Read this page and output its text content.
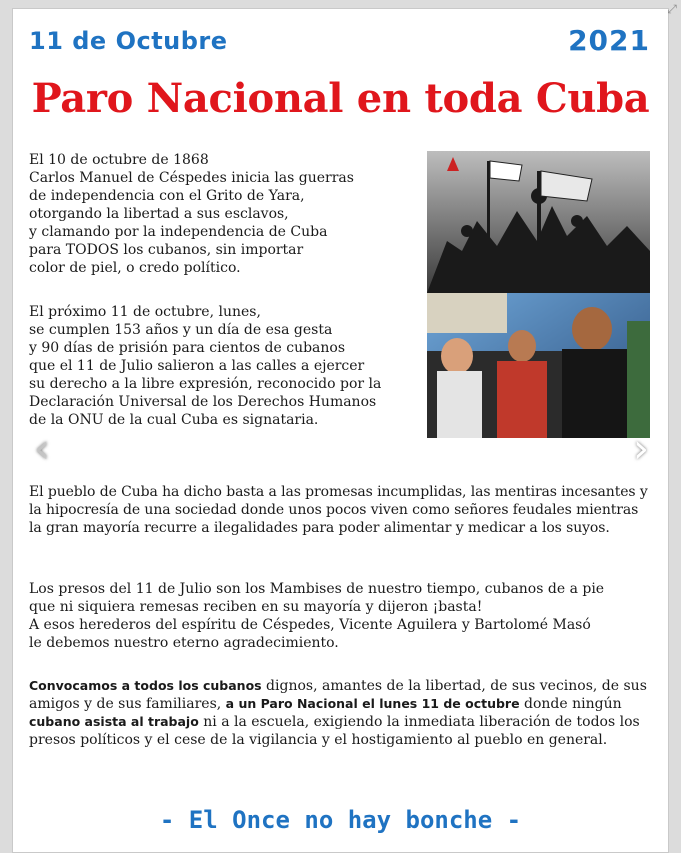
11 de Octubre	2021
Paro Nacional en toda Cuba

El 10 de octubre de 1868
Carlos Manuel de Céspedes inicia las guerras
de independencia con el Grito de Yara,
otorgando la libertad a sus esclavos,
y clamando por la independencia de Cuba
para TODOS los cubanos, sin importar
color de piel, o credo político.

El próximo 11 de octubre, lunes,
se cumplen 153 años y un día de esa gesta
y 90 días de prisión para cientos de cubanos
que el 11 de Julio salieron a las calles a ejercer
su derecho a la libre expresión, reconocido por la
Declaración Universal de los Derechos Humanos
de la ONU de la cual Cuba es signataria.

‹	›

El pueblo de Cuba ha dicho basta a las promesas incumplidas, las mentiras incesantes y la hipocresía de una sociedad donde unos pocos viven como señores feudales mientras la gran mayoría recurre a ilegalidades para poder alimentar y medicar a los suyos.

Los presos del 11 de Julio son los Mambises de nuestro tiempo, cubanos de a pie
que ni siquiera remesas reciben en su mayoría y dijeron ¡basta!
A esos herederos del espíritu de Céspedes, Vicente Aguilera y Bartolomé Masó
le debemos nuestro eterno agradecimiento.

Convocamos a todos los cubanos dignos, amantes de la libertad, de sus vecinos, de sus amigos y de sus familiares, a un Paro Nacional el lunes 11 de octubre donde ningún cubano asista al trabajo ni a la escuela, exigiendo la inmediata liberación de todos los presos políticos y el cese de la vigilancia y el hostigamiento al pueblo en general.

- El Once no hay bonche -
⤢
